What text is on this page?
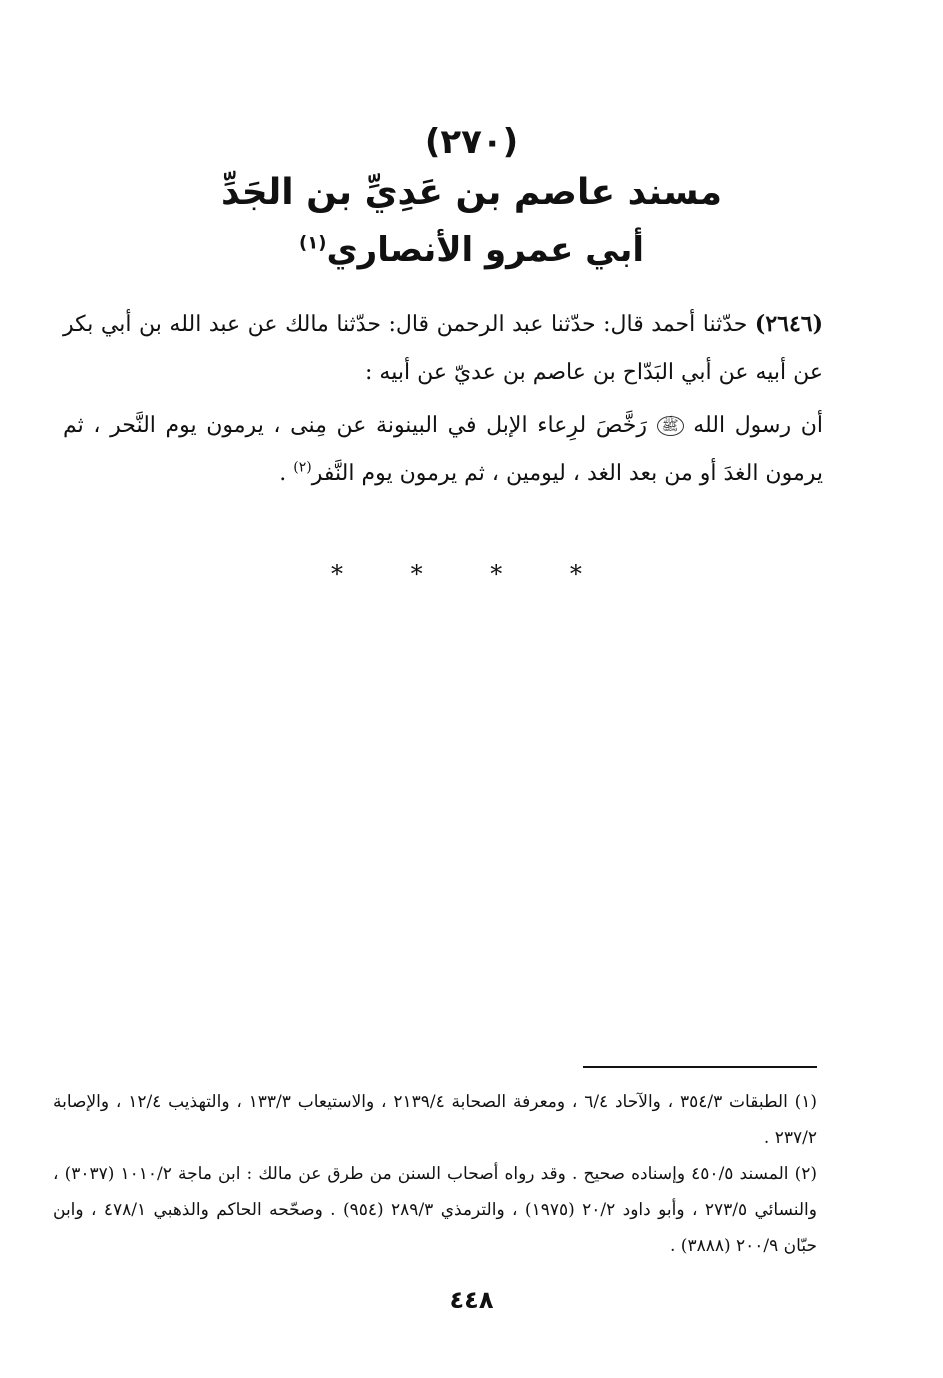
(٢٧٠)
مسند عاصم بن عَدِيِّ بن الجَدِّ
أبي عمرو الأنصاري$^{(١)}$

(٢٦٤٦) حدّثنا أحمد قال: حدّثنا عبد الرحمن قال: حدّثنا مالك عن عبد الله بن أبي بكر عن أبيه عن أبي البَدّاح بن عاصم بن عديّ عن أبيه :

أن رسول الله ﷺ رَخَّصَ لرِعاء الإبل في البينونة عن مِنى ، يرمون يوم النَّحر ، ثم يرمون الغدَ أو من بعد الغد ، ليومين ، ثم يرمون يوم النَّفر$^{(٢)}$ .

* * * *

(١) الطبقات ٣٥٤/٣ ، والآحاد ٦/٤ ، ومعرفة الصحابة ٢١٣٩/٤ ، والاستيعاب ١٣٣/٣ ، والتهذيب ١٢/٤ ، والإصابة ٢٣٧/٢ .

(٢) المسند ٤٥٠/٥ وإسناده صحيح . وقد رواه أصحاب السنن من طرق عن مالك : ابن ماجة ١٠١٠/٢ (٣٠٣٧) ، والنسائي ٢٧٣/٥ ، وأبو داود ٢٠/٢ (١٩٧٥) ، والترمذي ٢٨٩/٣ (٩٥٤) . وصحّحه الحاكم والذهبي ٤٧٨/١ ، وابن حبّان ٢٠٠/٩ (٣٨٨٨) .

٤٤٨
